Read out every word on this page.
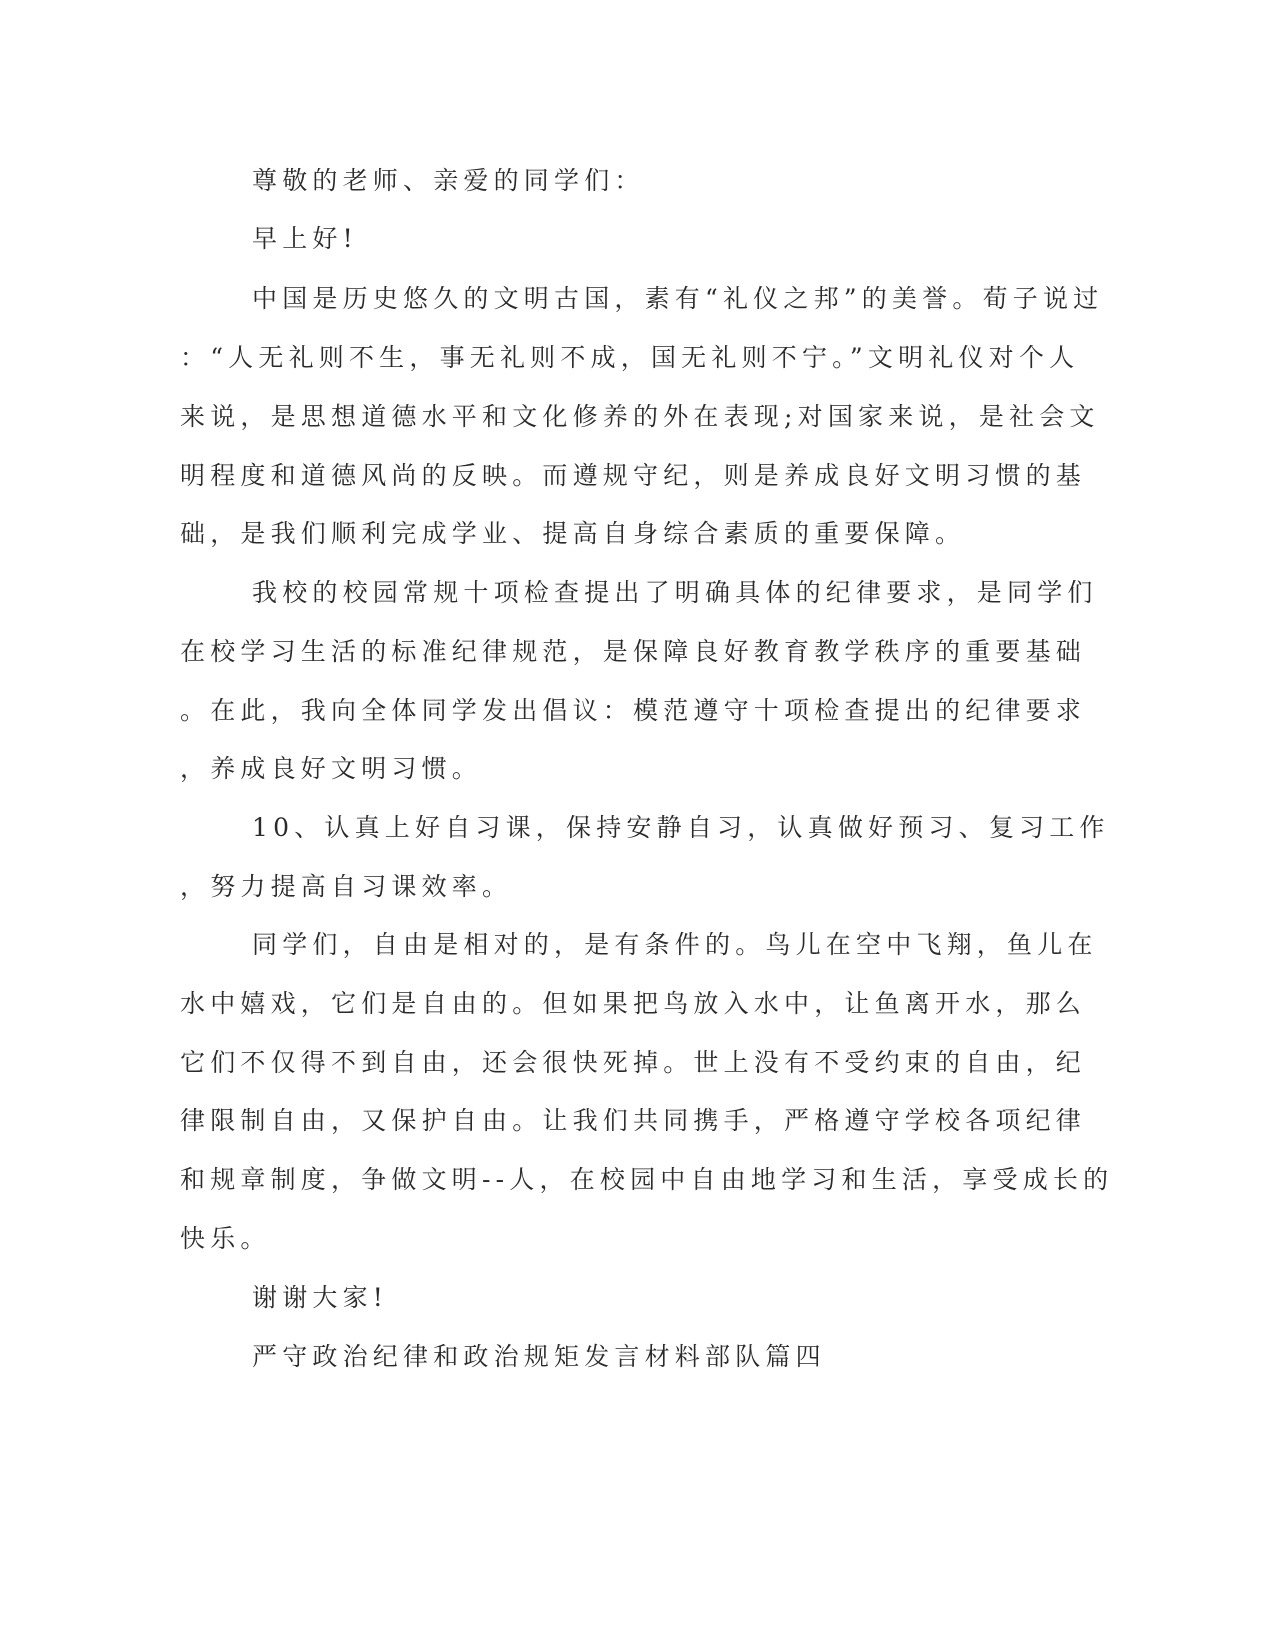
尊敬的老师、亲爱的同学们：
早上好!
中国是历史悠久的文明古国，素有“礼仪之邦”的美誉。荀子说过
：“人无礼则不生，事无礼则不成，国无礼则不宁。”文明礼仪对个人
来说，是思想道德水平和文化修养的外在表现;对国家来说，是社会文
明程度和道德风尚的反映。而遵规守纪，则是养成良好文明习惯的基
础，是我们顺利完成学业、提高自身综合素质的重要保障。
我校的校园常规十项检查提出了明确具体的纪律要求，是同学们
在校学习生活的标准纪律规范，是保障良好教育教学秩序的重要基础
。在此，我向全体同学发出倡议：模范遵守十项检查提出的纪律要求
，养成良好文明习惯。
10、认真上好自习课，保持安静自习，认真做好预习、复习工作
，努力提高自习课效率。
同学们，自由是相对的，是有条件的。鸟儿在空中飞翔，鱼儿在
水中嬉戏，它们是自由的。但如果把鸟放入水中，让鱼离开水，那么
它们不仅得不到自由，还会很快死掉。世上没有不受约束的自由，纪
律限制自由，又保护自由。让我们共同携手，严格遵守学校各项纪律
和规章制度，争做文明--人，在校园中自由地学习和生活，享受成长的
快乐。
谢谢大家!
严守政治纪律和政治规矩发言材料部队篇四
